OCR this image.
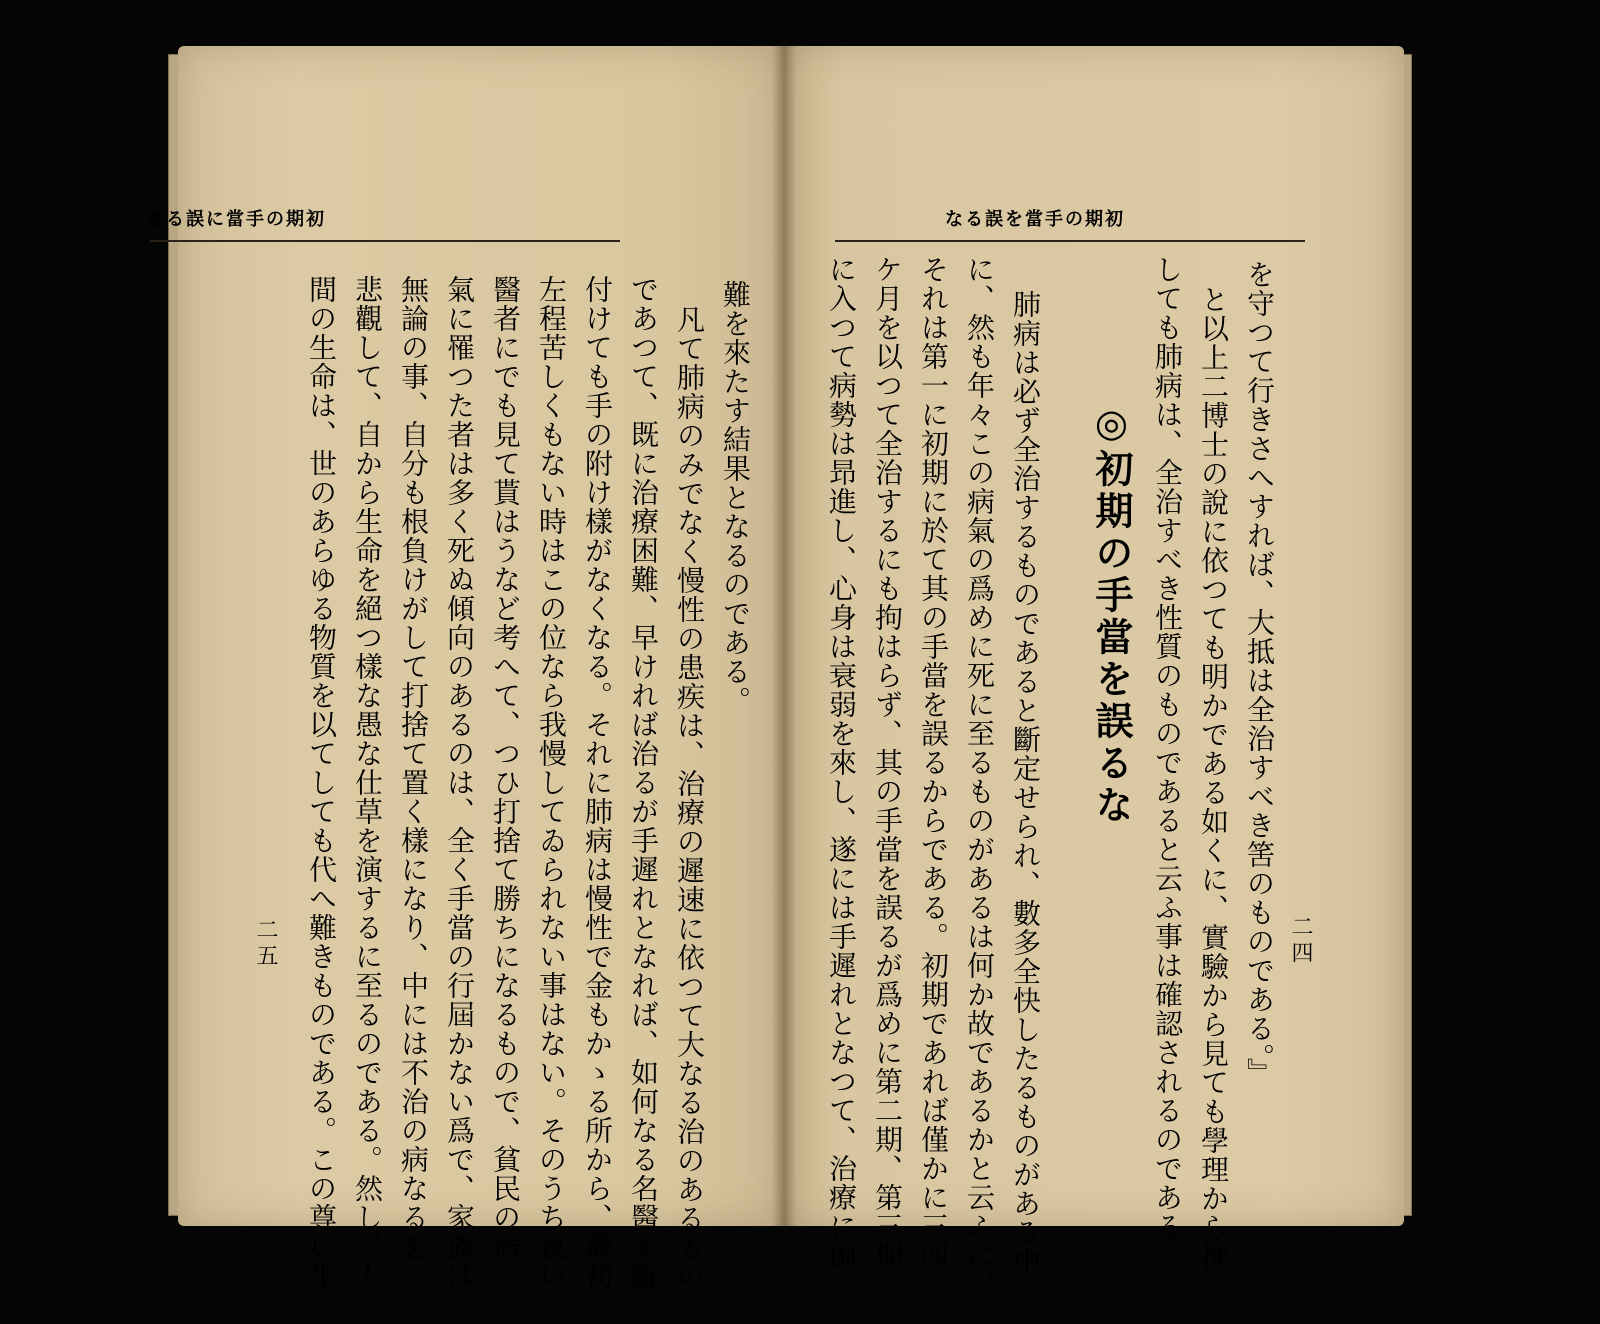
なる誤に當手の期初	なる誤を當手の期初
難を來たす結果となるのである。
凡て肺病のみでなく慢性の患疾は、治療の遲速に依つて大なる治のあるもの
であつて、既に治療困難、早ければ治るが手遲れとなれば、如何なる名醫が駈
付けても手の附け樣がなくなる。それに肺病は慢性で金もかゝる所から、最初
左程苦しくもない時はこの位なら我慢してゐられない事はない。そのうち良い
醫者にでも見て貰はうなど考へて、つひ打捨て勝ちになるもので、貧民の病
氣に罹つた者は多く死ぬ傾向のあるのは、全く手當の行屆かない爲で、家族は
無論の事、自分も根負けがして打捨て置く樣になり、中には不治の病なるを
悲觀して、自から生命を絕つ樣な愚な仕草を演するに至るのである。然し、人
間の生命は、世のあらゆる物質を以てしても代へ難きものである。この尊い生
二五	二四
を守つて行きさへすれば、大抵は全治すべき筈のものである。』
と以上二博士の說に依つても明かである如くに、實驗から見ても學理から推
しても肺病は、全治すべき性質のものであると云ふ事は確認されるのである。
◎初期の手當を誤るな
肺病は必ず全治するものであると斷定せられ、數多全快したるものがある中
に、然も年々この病氣の爲めに死に至るものがあるは何か故であるかと云ふに、
それは第一に初期に於て其の手當を誤るからである。初期であれば僅かに三四
ケ月を以つて全治するにも拘はらず、其の手當を誤るが爲めに第二期、第三期
に入つて病勢は昻進し、心身は衰弱を來し、遂には手遲れとなつて、治療に困
